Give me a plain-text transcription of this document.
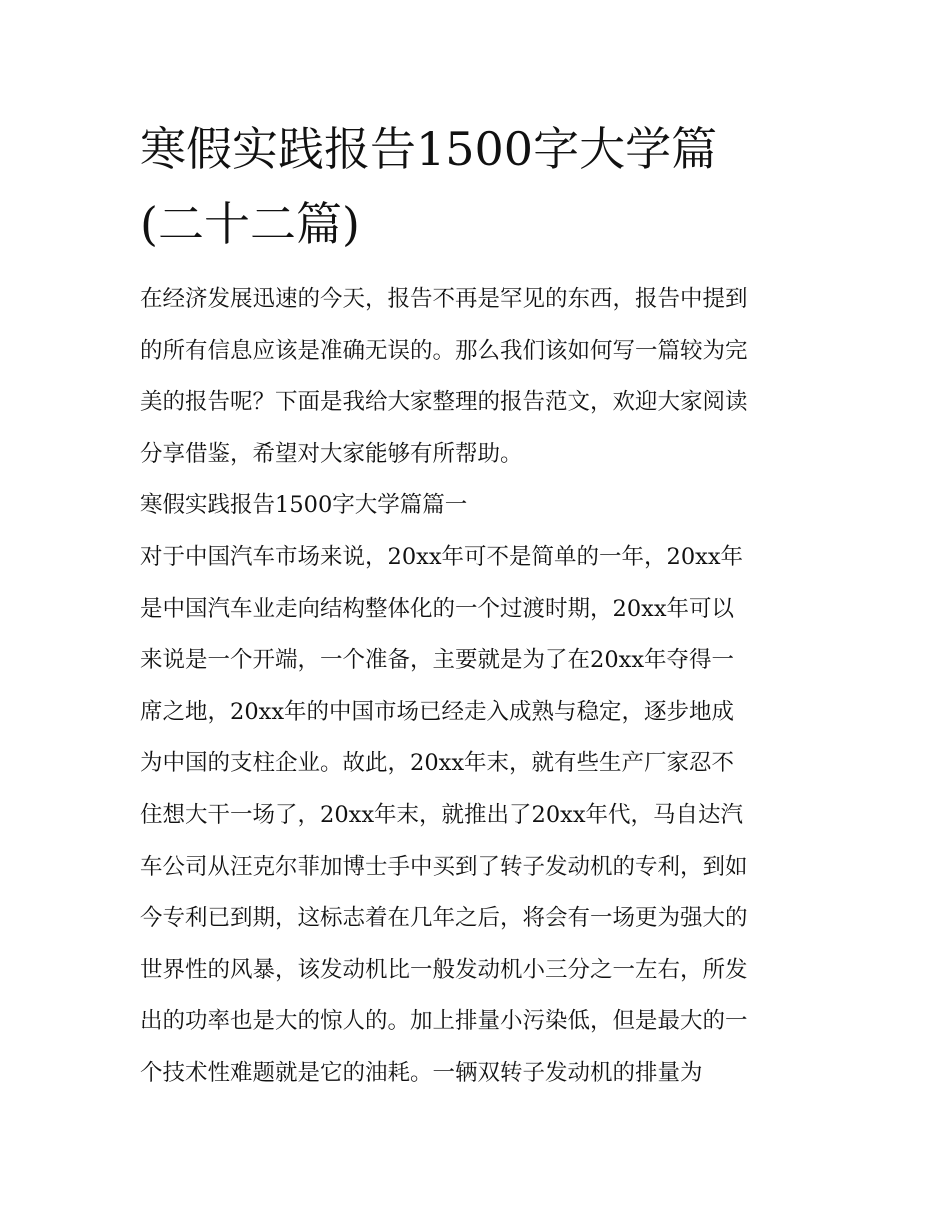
寒假实践报告1500字大学篇
(二十二篇)
在经济发展迅速的今天，报告不再是罕见的东西，报告中提到
的所有信息应该是准确无误的。那么我们该如何写一篇较为完
美的报告呢？下面是我给大家整理的报告范文，欢迎大家阅读
分享借鉴，希望对大家能够有所帮助。
寒假实践报告1500字大学篇篇一
对于中国汽车市场来说，20xx年可不是简单的一年，20xx年
是中国汽车业走向结构整体化的一个过渡时期，20xx年可以
来说是一个开端，一个准备，主要就是为了在20xx年夺得一
席之地，20xx年的中国市场已经走入成熟与稳定，逐步地成
为中国的支柱企业。故此，20xx年末，就有些生产厂家忍不
住想大干一场了，20xx年末，就推出了20xx年代，马自达汽
车公司从汪克尔菲加博士手中买到了转子发动机的专利，到如
今专利已到期，这标志着在几年之后，将会有一场更为强大的
世界性的风暴，该发动机比一般发动机小三分之一左右，所发
出的功率也是大的惊人的。加上排量小污染低，但是最大的一
个技术性难题就是它的油耗。一辆双转子发动机的排量为
